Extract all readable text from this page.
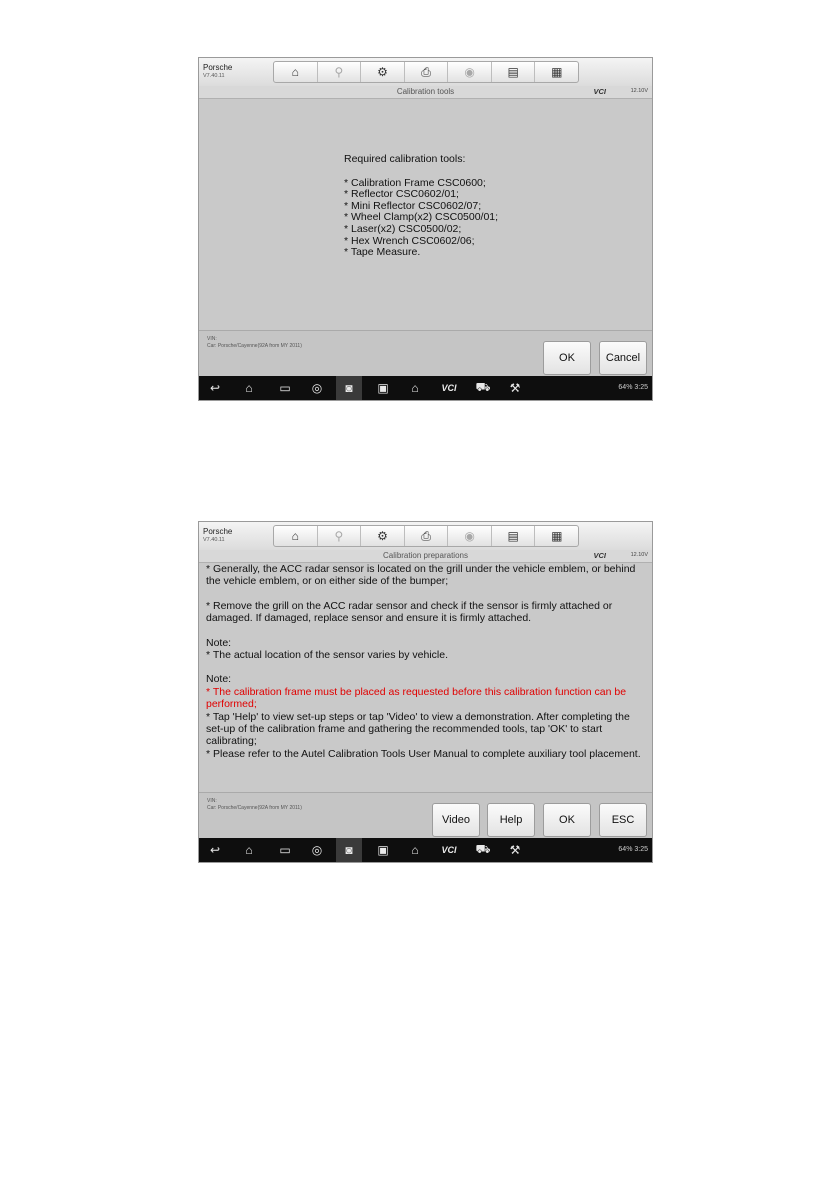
Porsche
V7.40.11	⌂	⚲	⚙	⎙	◉	▤	▦
Calibration tools	VCI	12.10V
Required calibration tools:
* Calibration Frame CSC0600;
* Reflector CSC0602/01;
* Mini Reflector CSC0602/07;
* Wheel Clamp(x2) CSC0500/01;
* Laser(x2) CSC0500/02;
* Hex Wrench CSC0602/06;
* Tape Measure.
VIN:
Car: Porsche/Cayenne(92A from MY 2011)
OK	Cancel
↩	⌂	▭	◎	◙	▣	⌂	VCI ⛟	⚒	64% 3:25
Porsche
V7.40.11	⌂	⚲	⚙	⎙	◉	▤	▦
Calibration preparations	VCI	12.10V
* Generally, the ACC radar sensor is located on the grill under the vehicle emblem, or behind the vehicle emblem, or on either side of the bumper;
* Remove the grill on the ACC radar sensor and check if the sensor is firmly attached or damaged. If damaged, replace sensor and ensure it is firmly attached.
Note:
* The actual location of the sensor varies by vehicle.
Note:
* The calibration frame must be placed as requested before this calibration function can be performed;
* Tap 'Help' to view set-up steps or tap 'Video' to view a demonstration. After completing the set-up of the calibration frame and gathering the recommended tools, tap 'OK' to start calibrating;
* Please refer to the Autel Calibration Tools User Manual to complete auxiliary tool placement.
VIN:
Car: Porsche/Cayenne(92A from MY 2011)
Video	Help	OK	ESC
↩	⌂	▭	◎	◙	▣	⌂	VCI ⛟	⚒	64% 3:25
